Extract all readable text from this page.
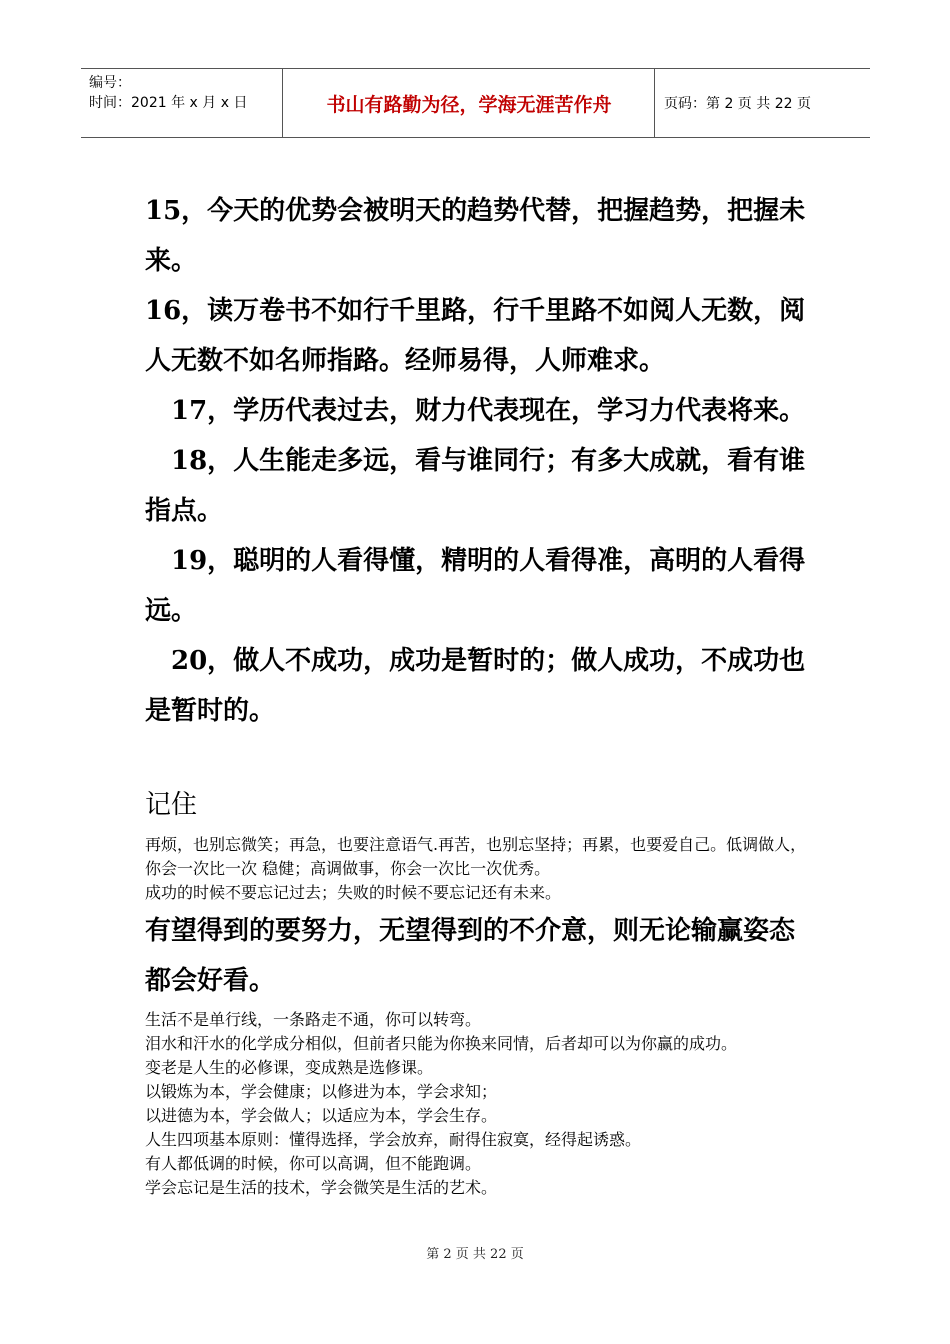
编号：
时间：2021 年 x 月 x 日	书山有路勤为径，学海无涯苦作舟	页码：第 2 页 共 22 页

15，今天的优势会被明天的趋势代替，把握趋势，把握未来。

16，读万卷书不如行千里路，行千里路不如阅人无数，阅人无数不如名师指路。经师易得，人师难求。

17，学历代表过去，财力代表现在，学习力代表将来。

18，人生能走多远，看与谁同行；有多大成就，看有谁指点。

19，聪明的人看得懂，精明的人看得准，高明的人看得远。

20，做人不成功，成功是暂时的；做人成功，不成功也是暂时的。

记住

再烦，也别忘微笑；再急，也要注意语气.再苦，也别忘坚持；再累，也要爱自己。低调做人，你会一次比一次 稳健；高调做事，你会一次比一次优秀。

成功的时候不要忘记过去；失败的时候不要忘记还有未来。

有望得到的要努力，无望得到的不介意，则无论输赢姿态都会好看。

生活不是单行线，一条路走不通，你可以转弯。

泪水和汗水的化学成分相似，但前者只能为你换来同情，后者却可以为你赢的成功。

变老是人生的必修课，变成熟是选修课。

以锻炼为本，学会健康；以修进为本，学会求知；

以进德为本，学会做人；以适应为本，学会生存。

人生四项基本原则：懂得选择，学会放弃，耐得住寂寞，经得起诱惑。

有人都低调的时候，你可以高调，但不能跑调。

学会忘记是生活的技术，学会微笑是生活的艺术。

第 2 页 共 22 页
